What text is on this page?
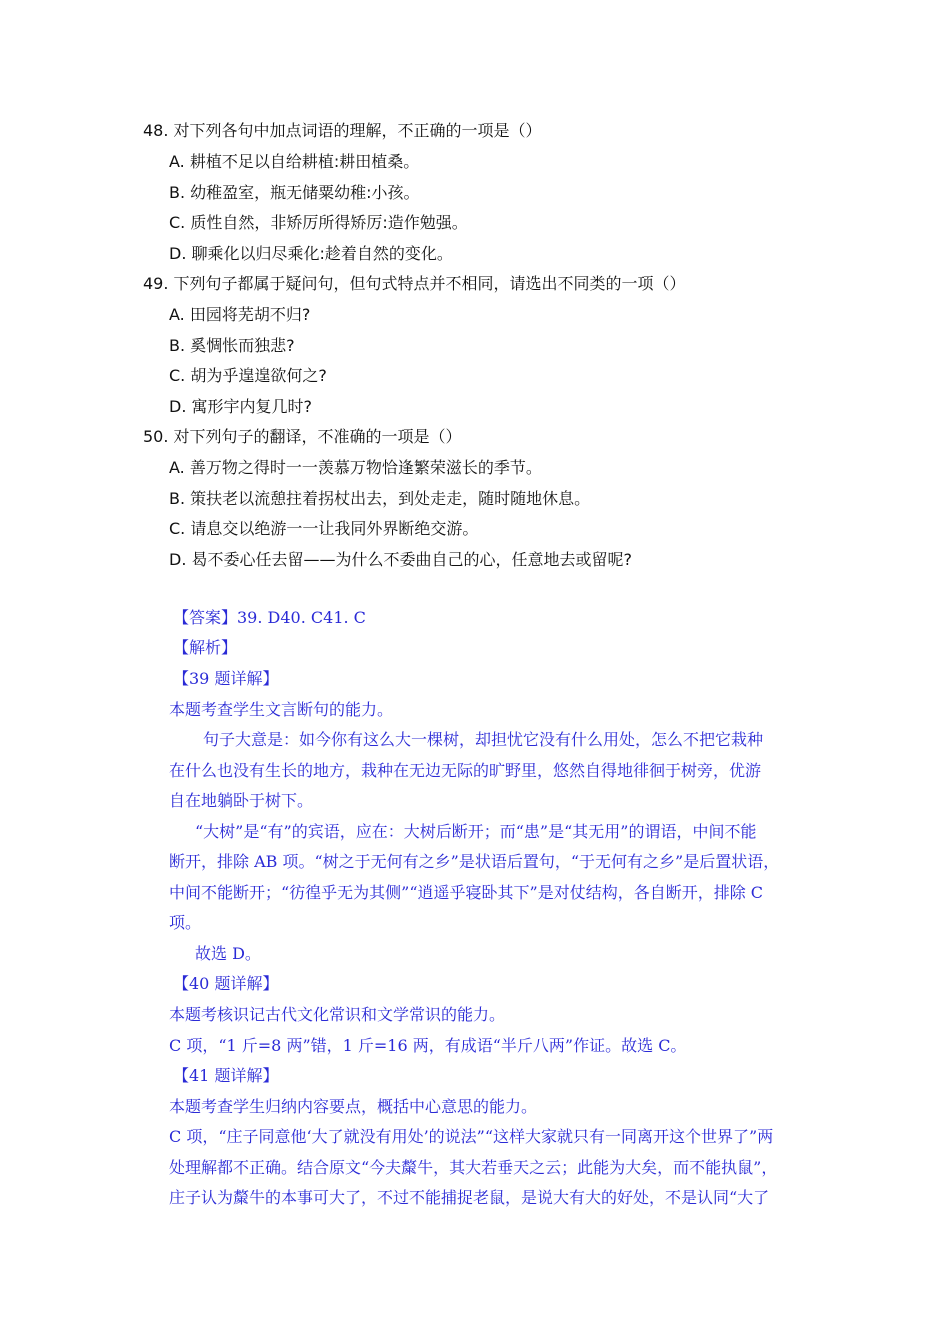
48. 对下列各句中加点词语的理解，不正确的一项是（）
A. 耕植不足以自给耕植:耕田植桑。
B. 幼稚盈室，瓶无储粟幼稚:小孩。
C. 质性自然，非矫厉所得矫厉:造作勉强。
D. 聊乘化以归尽乘化:趁着自然的变化。
49. 下列句子都属于疑问句，但句式特点并不相同，请选出不同类的一项（）
A. 田园将芜胡不归?
B. 奚惆怅而独悲?
C. 胡为乎遑遑欲何之?
D. 寓形宇内复几时?
50. 对下列句子的翻译，不准确的一项是（）
A. 善万物之得时一一羡慕万物恰逢繁荣滋长的季节。
B. 策扶老以流憩拄着拐杖出去，到处走走，随时随地休息。
C. 请息交以绝游一一让我同外界断绝交游。
D. 曷不委心任去留——为什么不委曲自己的心，任意地去或留呢?
【答案】39. D40. C41. C
【解析】
【39 题详解】
本题考查学生文言断句的能力。
句子大意是：如今你有这么大一棵树，却担忧它没有什么用处，怎么不把它栽种
在什么也没有生长的地方，栽种在无边无际的旷野里，悠然自得地徘徊于树旁，优游
自在地躺卧于树下。
“大树”是“有”的宾语，应在：大树后断开；而“患”是“其无用”的谓语，中间不能
断开，排除 AB 项。“树之于无何有之乡”是状语后置句，“于无何有之乡”是后置状语，
中间不能断开；“彷徨乎无为其侧”“逍遥乎寝卧其下”是对仗结构，各自断开，排除 C
项。
故选 D。
【40 题详解】
本题考核识记古代文化常识和文学常识的能力。
C 项，“1 斤=8 两”错，1 斤=16 两，有成语“半斤八两”作证。故选 C。
【41 题详解】
本题考查学生归纳内容要点，概括中心意思的能力。
C 项，“庄子同意他‘大了就没有用处’的说法”“这样大家就只有一同离开这个世界了”两
处理解都不正确。结合原文“今夫斄牛，其大若垂天之云；此能为大矣，而不能执鼠”，
庄子认为斄牛的本事可大了，不过不能捕捉老鼠，是说大有大的好处，不是认同“大了
